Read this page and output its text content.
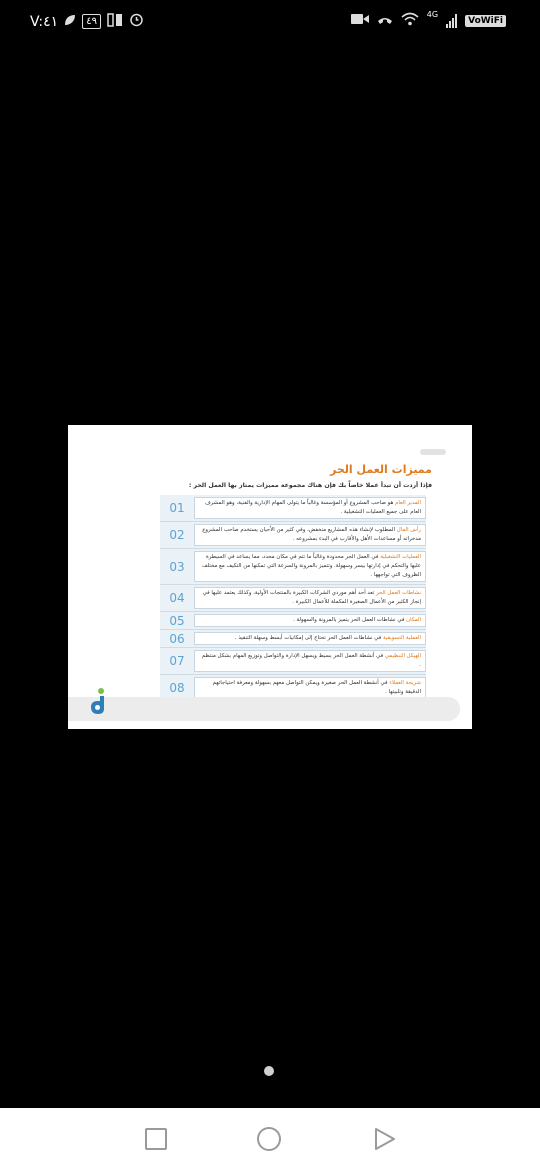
V:٤١	٤٩
4G
VoWiFi
مميزات العمل الحر
فإذا أردت أن تبدأ عملا خاصاً بك فإن هناك مجموعة مميزات يمتاز بها العمل الحر :
المدير العام هو صاحب المشروع أو المؤسسة وغالباً ما يتولى المهام الإدارية والفنية، وهو المشرف العام على جميع العمليات التشغيلية .
01
رأس المال المطلوب لإنشاء هذه المشاريع منخفض، وفي كثير من الأحيان يستخدم صاحب المشروع مدخراته أو مساعدات الأهل والأقارب في البدء بمشروعه .
02
العمليات التشغيلية في العمل الحر محدودة وغالباً ما تتم في مكان محدد، مما يساعد في السيطرة عليها والتحكم في إدارتها بيسر وسهولة. وتتميز بالمرونة والسرعة التي تمكنها من التكيف مع مختلف الظروف التي تواجهها .
03
نشاطات العمل الحر تعد أحد أهم موردي الشركات الكبيرة بالمنتجات الأولية، وكذلك يعتمد عليها في إنجاز الكثير من الأعمال الصغيرة المكملة للأعمال الكبيرة .
04
المكان في نشاطات العمل الحر يتميز بالمرونة والسهولة .
05
العملية التسويقية في نشاطات العمل الحر تحتاج إلى إمكانيات أبسط وسهلة التنفيذ .
06
الهيكل التنظيمي في أنشطة العمل الحر بسيط ويسهل الإدارة والتواصل وتوزيع المهام بشكل منتظم .
07
شريحة العملاء في أنشطة العمل الحر صغيرة ويمكن التواصل معهم بسهولة ومعرفة احتياجاتهم الدقيقة وتلبيتها .
08
